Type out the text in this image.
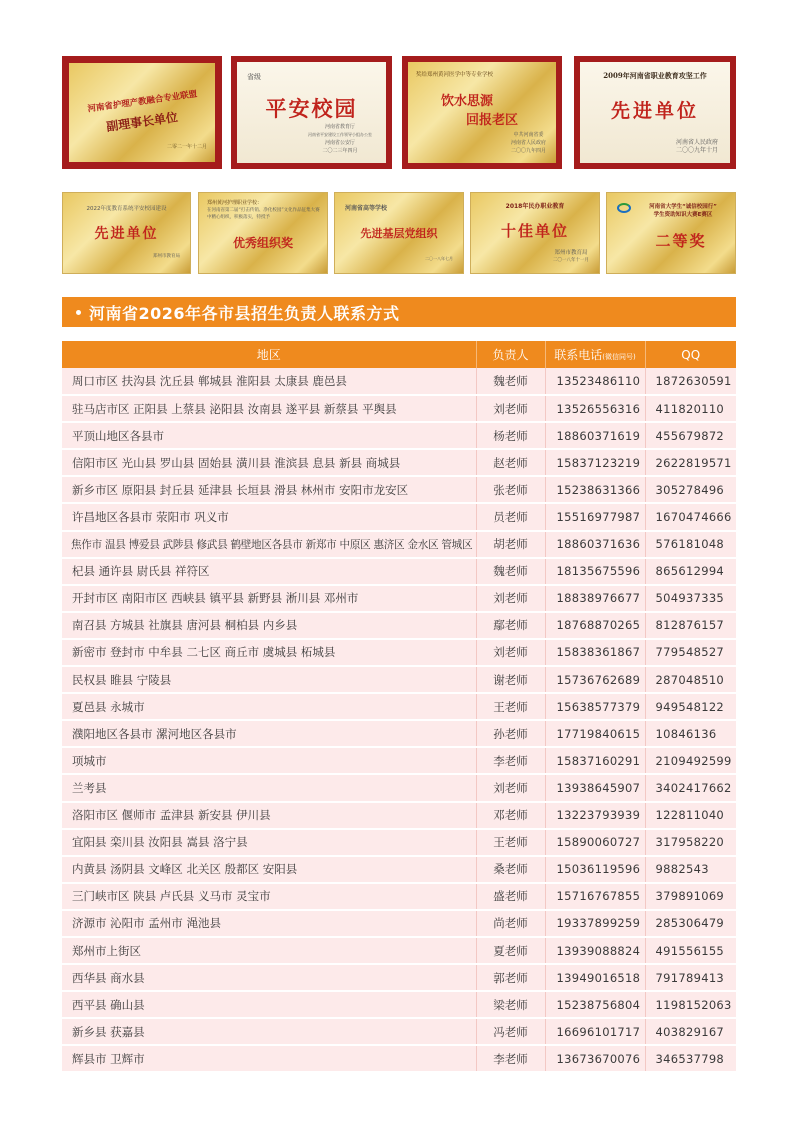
河南省护理产教融合专业联盟
副理事长单位
二零二一年十二月
省级
平安校园
河南省教育厅
河南省平安建设工作领导小组办公室
河南省公安厅
二〇二三年四月
奖给郑州黄河医学中等专业学校
饮水思源
回报老区
中共河南省委
河南省人民政府
二〇〇九年四月
2009年河南省职业教育攻坚工作
先进单位
河南省人民政府
二〇〇九年十月
2022年度教育系统平安校园建设
先进单位
郑州市教育局
郑州黄河护理职业学校：
在河南省第二届“打击传销、净化校园”文化作品征集大赛中精心组织，积极落实，特授予
优秀组织奖
河南省高等学校
先进基层党组织
二〇一八年七月
2018年民办职业教育
十佳单位
郑州市教育局
二〇一八年十一月
河南省大学生“诚信校园行”
学生资助知识大赛E赛区
二等奖
河南省2026年各市县招生负责人联系方式
地区	负责人	联系电话(微信同号)	QQ
周口市区 扶沟县 沈丘县 郸城县 淮阳县 太康县 鹿邑县	魏老师	13523486110	1872630591
驻马店市区 正阳县 上蔡县 泌阳县 汝南县 遂平县 新蔡县 平舆县	刘老师	13526556316	411820110
平顶山地区各县市	杨老师	18860371619	455679872
信阳市区 光山县 罗山县 固始县 潢川县 淮滨县 息县 新县 商城县	赵老师	15837123219	2622819571
新乡市区 原阳县 封丘县 延津县 长垣县 滑县 林州市 安阳市龙安区	张老师	15238631366	305278496
许昌地区各县市 荥阳市 巩义市	员老师	15516977987	1670474666
焦作市 温县 博爱县 武陟县 修武县 鹤壁地区各县市 新郑市 中原区 惠济区 金水区 管城区	胡老师	18860371636	576181048
杞县 通许县 尉氏县 祥符区	魏老师	18135675596	865612994
开封市区 南阳市区 西峡县 镇平县 新野县 淅川县 邓州市	刘老师	18838976677	504937335
南召县 方城县 社旗县 唐河县 桐柏县 内乡县	鄢老师	18768870265	812876157
新密市 登封市 中牟县 二七区 商丘市 虞城县 柘城县	刘老师	15838361867	779548527
民权县 睢县 宁陵县	谢老师	15736762689	287048510
夏邑县 永城市	王老师	15638577379	949548122
濮阳地区各县市 漯河地区各县市	孙老师	17719840615	10846136
项城市	李老师	15837160291	2109492599
兰考县	刘老师	13938645907	3402417662
洛阳市区 偃师市 孟津县 新安县 伊川县	邓老师	13223793939	122811040
宜阳县 栾川县 汝阳县 嵩县 洛宁县	王老师	15890060727	317958220
内黄县 汤阴县 文峰区 北关区 殷都区 安阳县	桑老师	15036119596	9882543
三门峡市区 陕县 卢氏县 义马市 灵宝市	盛老师	15716767855	379891069
济源市 沁阳市 孟州市 渑池县	尚老师	19337899259	285306479
郑州市上街区	夏老师	13939088824	491556155
西华县 商水县	郭老师	13949016518	791789413
西平县 确山县	梁老师	15238756804	1198152063
新乡县 获嘉县	冯老师	16696101717	403829167
辉县市 卫辉市	李老师	13673670076	346537798
